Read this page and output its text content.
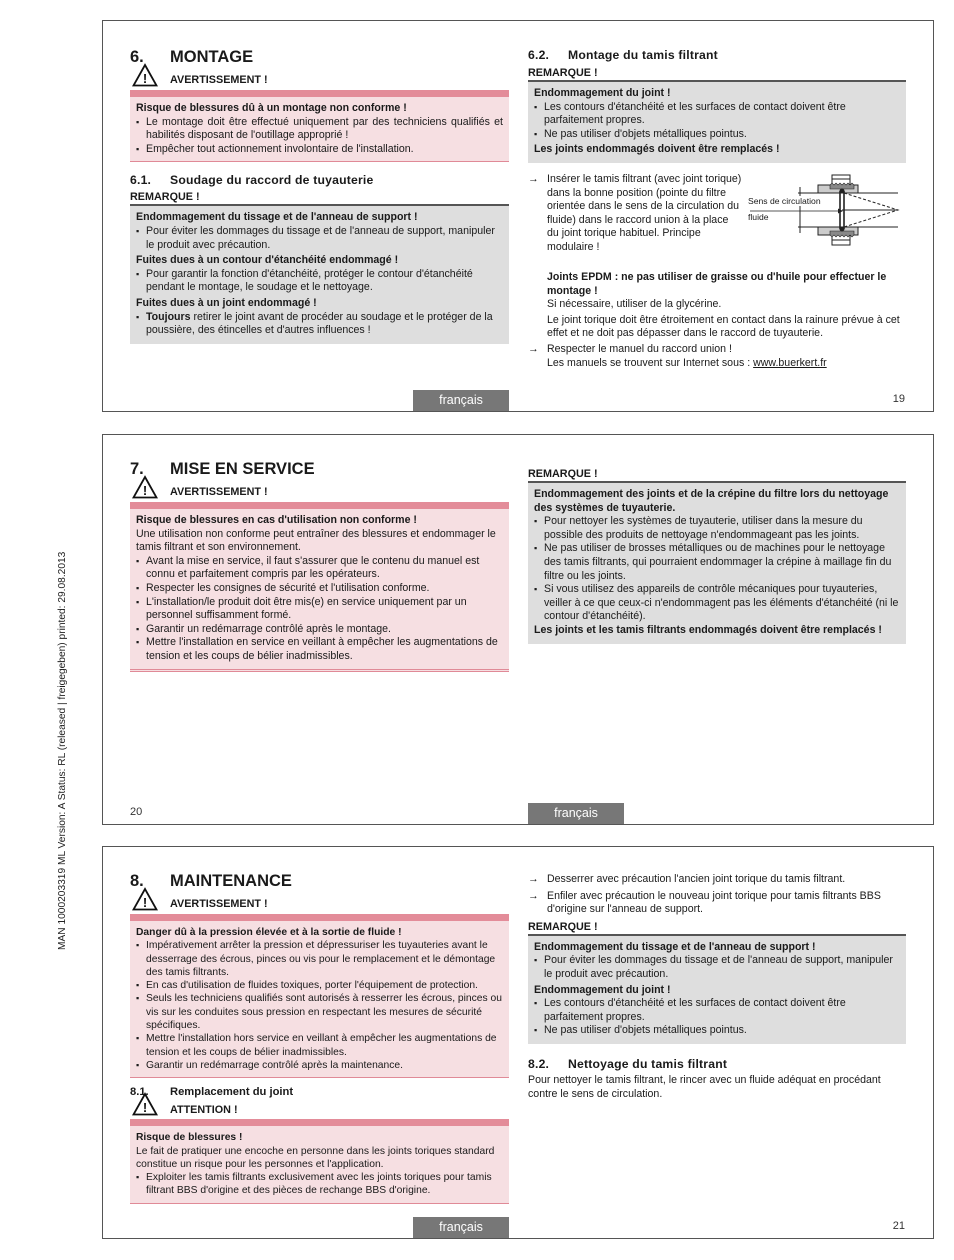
MAN 1000203319 ML Version: A Status: RL (released | freigegeben) printed: 29.08.2013
6.	MONTAGE
! AVERTISSEMENT !
Risque de blessures dû à un montage non conforme !
▪ Le montage doit être effectué uniquement par des techniciens qualifiés et habilités disposant de l'outillage approprié !
▪ Empêcher tout actionnement involontaire de l'installation.
6.1.	Soudage du raccord de tuyauterie
REMARQUE !
Endommagement du tissage et de l'anneau de support !
▪ Pour éviter les dommages du tissage et de l'anneau de support, manipuler le produit avec précaution.
Fuites dues à un contour d'étanchéité endommagé !
▪ Pour garantir la fonction d'étanchéité, protéger le contour d'étanchéité pendant le montage, le soudage et le nettoyage.
Fuites dues à un joint endommagé !
▪ Toujours retirer le joint avant de procéder au soudage et le protéger de la poussière, des étincelles et d'autres influences !
6.2.	Montage du tamis filtrant
REMARQUE !
Endommagement du joint !
▪ Les contours d'étanchéité et les surfaces de contact doivent être parfaitement propres.
▪ Ne pas utiliser d'objets métalliques pointus.
Les joints endommagés doivent être remplacés !
→ Insérer le tamis filtrant (avec joint torique) dans la bonne position (pointe du filtre orientée dans le sens de la circulation du fluide) dans le raccord union à la place du joint torique habituel. Principe modulaire !
Sens de circulation
fluide
Joints EPDM : ne pas utiliser de graisse ou d'huile pour effectuer le montage !
Si nécessaire, utiliser de la glycérine.
Le joint torique doit être étroitement en contact dans la rainure prévue à cet effet et ne doit pas dépasser dans le raccord de tuyauterie.
→ Respecter le manuel du raccord union !
Les manuels se trouvent sur Internet sous : www.buerkert.fr
français	19
7.	MISE EN SERVICE
! AVERTISSEMENT !
Risque de blessures en cas d'utilisation non conforme !
Une utilisation non conforme peut entraîner des blessures et endommager le tamis filtrant et son environnement.
▪ Avant la mise en service, il faut s'assurer que le contenu du manuel est connu et parfaitement compris par les opérateurs.
▪ Respecter les consignes de sécurité et l'utilisation conforme.
▪ L'installation/le produit doit être mis(e) en service uniquement par un personnel suffisamment formé.
▪ Garantir un redémarrage contrôlé après le montage.
▪ Mettre l'installation en service en veillant à empêcher les augmentations de tension et les coups de bélier inadmissibles.
REMARQUE !
Endommagement des joints et de la crépine du filtre lors du nettoyage des systèmes de tuyauterie.
▪ Pour nettoyer les systèmes de tuyauterie, utiliser dans la mesure du possible des produits de nettoyage n'endommageant pas les joints.
▪ Ne pas utiliser de brosses métalliques ou de machines pour le nettoyage des tamis filtrants, qui pourraient endommager la crépine à maillage fin du filtre ou les joints.
▪ Si vous utilisez des appareils de contrôle mécaniques pour tuyauteries, veiller à ce que ceux-ci n'endommagent pas les éléments d'étanchéité (ni le contour d'étanchéité).
Les joints et les tamis filtrants endommagés doivent être remplacés !
20	français
8.	MAINTENANCE
! AVERTISSEMENT !
Danger dû à la pression élevée et à la sortie de fluide !
▪ Impérativement arrêter la pression et dépressuriser les tuyauteries avant le desserrage des écrous, pinces ou vis pour le remplacement et le démontage des tamis filtrants.
▪ En cas d'utilisation de fluides toxiques, porter l'équipement de protection.
▪ Seuls les techniciens qualifiés sont autorisés à resserrer les écrous, pinces ou vis sur les conduites sous pression en respectant les mesures de sécurité spécifiques.
▪ Mettre l'installation hors service en veillant à empêcher les augmentations de tension et les coups de bélier inadmissibles.
▪ Garantir un redémarrage contrôlé après la maintenance.
8.1.	Remplacement du joint
! ATTENTION !
Risque de blessures !
Le fait de pratiquer une encoche en personne dans les joints toriques standard constitue un risque pour les personnes et l'application.
▪ Exploiter les tamis filtrants exclusivement avec les joints toriques pour tamis filtrant BBS d'origine et des pièces de rechange BBS d'origine.
→ Desserrer avec précaution l'ancien joint torique du tamis filtrant.
→ Enfiler avec précaution le nouveau joint torique pour tamis filtrants BBS d'origine sur l'anneau de support.
REMARQUE !
Endommagement du tissage et de l'anneau de support !
▪ Pour éviter les dommages du tissage et de l'anneau de support, manipuler le produit avec précaution.
Endommagement du joint !
▪ Les contours d'étanchéité et les surfaces de contact doivent être parfaitement propres.
▪ Ne pas utiliser d'objets métalliques pointus.
8.2.	Nettoyage du tamis filtrant
Pour nettoyer le tamis filtrant, le rincer avec un fluide adéquat en procédant contre le sens de circulation.
français	21
